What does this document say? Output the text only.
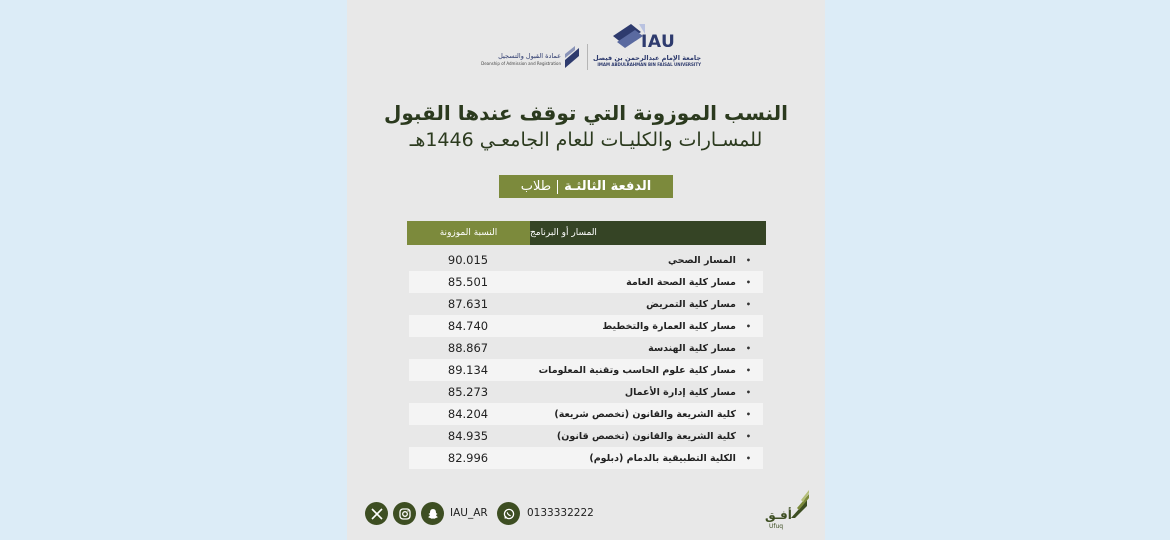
IAU
جامعة الإمام عبدالرحمن بن فيصل
IMAM ABDULRAHMAN BIN FAISAL UNIVERSITY
عمادة القبول والتسجيل
Deanship of Admission and Registration
النسب الموزونة التي توقف عندها القبول
للمسـارات والكليـات للعام الجامعـي 1446هـ
الدفعة الثالثـة
طلاب
النسبة الموزونة	المسار أو البرنامج
90.015	• المسار الصحي
85.501	• مسار كلية الصحة العامة
87.631	• مسار كلية التمريض
84.740	• مسار كلية العمارة والتخطيط
88.867	• مسار كلية الهندسة
89.134	• مسار كلية علوم الحاسب وتقنية المعلومات
85.273	• مسار كلية إدارة الأعمال
84.204	• كلية الشريعة والقانون (تخصص شريعة)
84.935	• كلية الشريعة والقانون (تخصص قانون)
82.996	• الكلية التطبيقية بالدمام (دبلوم)
IAU_AR	0133332222	أفـق
Ufuq
